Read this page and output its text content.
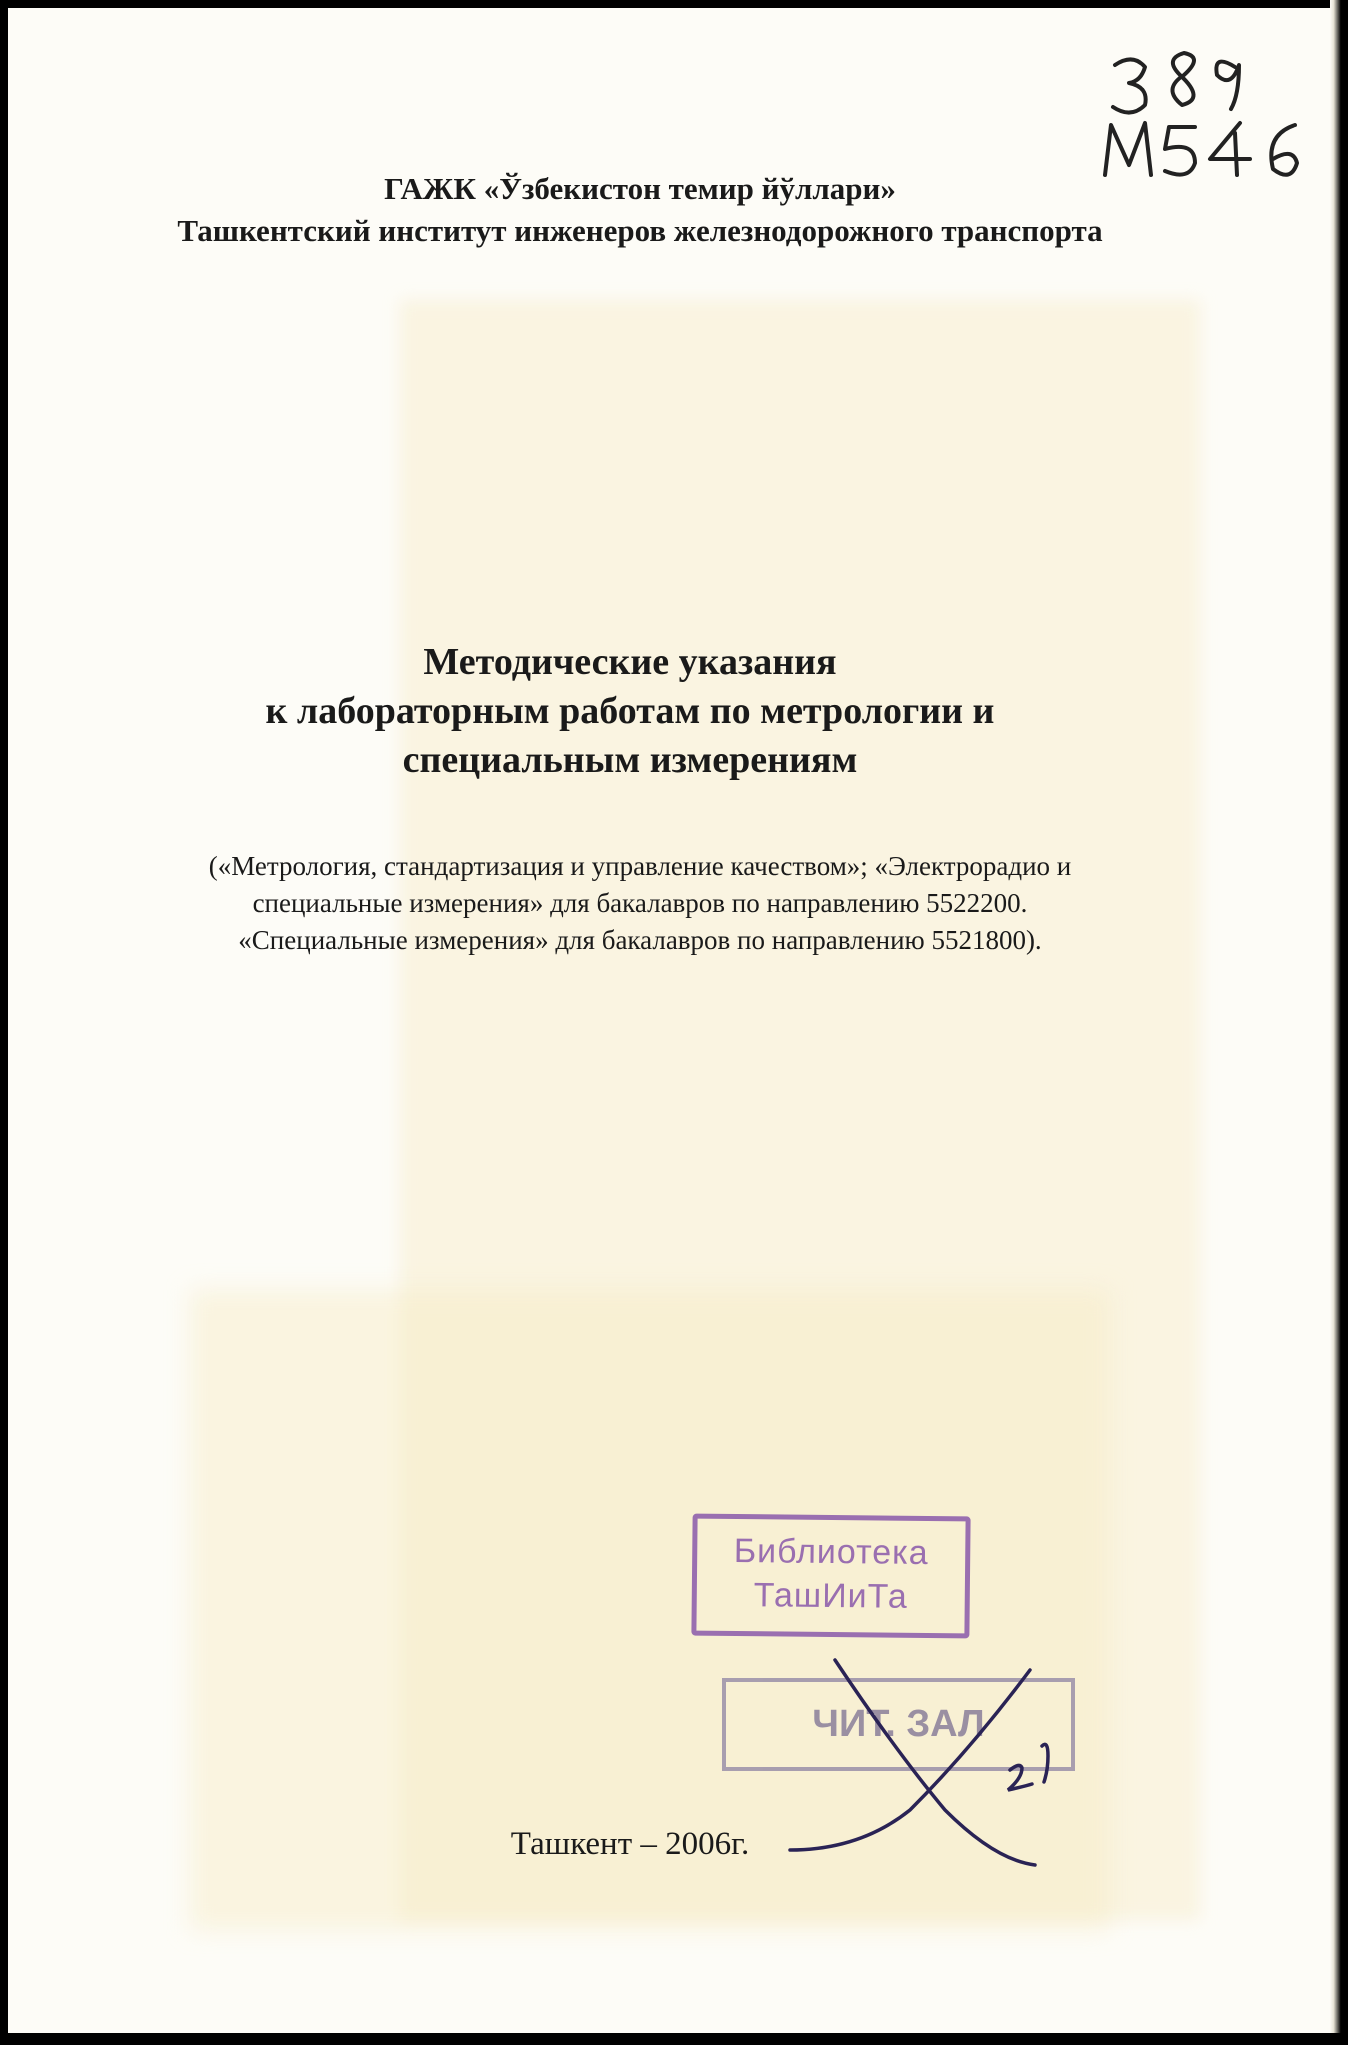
ГАЖК «Ўзбекистон темир йўллари»
Ташкентский институт инженеров железнодорожного транспорта
Методические указания
к лабораторным работам по метрологии и
специальным измерениям
(«Метрология, стандартизация и управление качеством»; «Электрорадио и
специальные измерения» для бакалавров по направлению 5522200.
«Специальные измерения» для бакалавров по направлению 5521800).
Библиотека
ТашИиТа
ЧИТ. ЗАЛ
Ташкент – 2006г.
